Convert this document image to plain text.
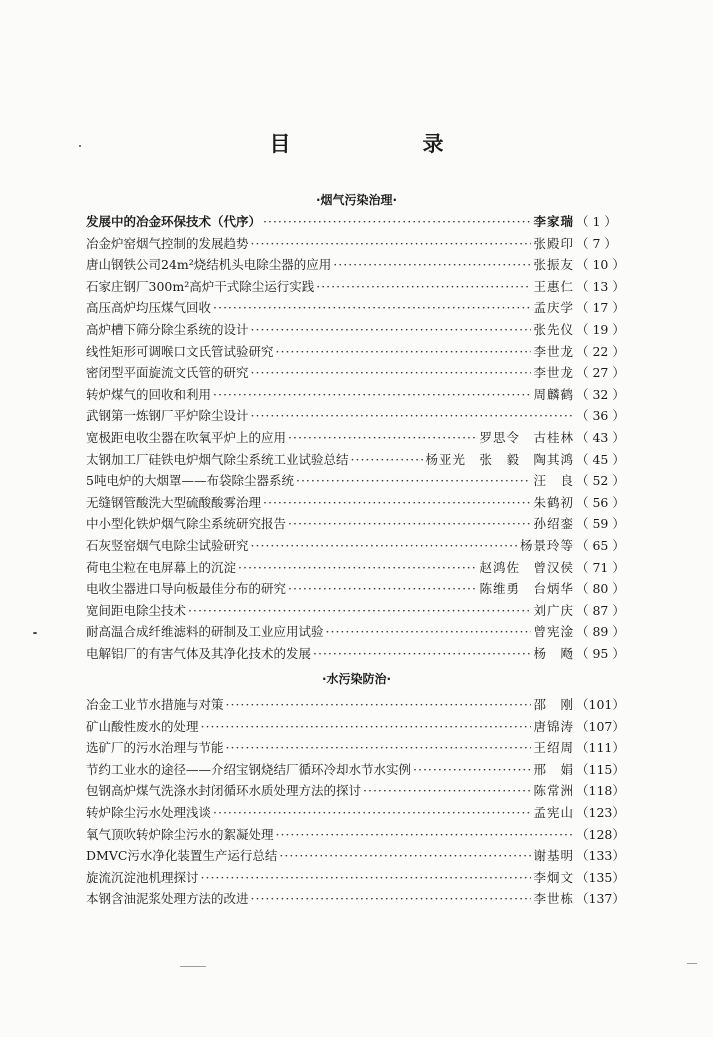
目　　录
·烟气污染治理·
发展中的冶金环保技术（代序） ·····	李家瑞 （ 1 ）
冶金炉窑烟气控制的发展趋势 ·····	张殿印 （ 7 ）
唐山钢铁公司24m²烧结机头电除尘器的应用 ·····	张振友 （ 10 ）
石家庄钢厂300m²高炉干式除尘运行实践 ·····	王惠仁 （ 13 ）
高压高炉均压煤气回收 ·····	孟庆学 （ 17 ）
高炉槽下筛分除尘系统的设计 ·····	张先仪 （ 19 ）
线性矩形可调喉口文氏管试验研究 ·····	李世龙 （ 22 ）
密闭型平面旋流文氏管的研究 ·····	李世龙 （ 27 ）
转炉煤气的回收和利用 ·····	周麟鹤 （ 32 ）
武钢第一炼钢厂平炉除尘设计 ·····	（ 36 ）
宽极距电收尘器在吹氧平炉上的应用 ·····	罗思令　古桂林 （ 43 ）
太钢加工厂硅铁电炉烟气除尘系统工业试验总结 ·····	杨亚光　张　毅　陶其鸿 （ 45 ）
5吨电炉的大烟罩——布袋除尘器系统 ·····	汪　良 （ 52 ）
无缝钢管酸洗大型硫酸酸雾治理 ·····	朱鹤初 （ 56 ）
中小型化铁炉烟气除尘系统研究报告 ·····	孙绍銮 （ 59 ）
石灰竖窑烟气电除尘试验研究 ·····	杨景玲等 （ 65 ）
荷电尘粒在电屏幕上的沉淀 ·····	赵鸿佐　曾汉侯 （ 71 ）
电收尘器进口导向板最佳分布的研究 ·····	陈维勇　台炳华 （ 80 ）
宽间距电除尘技术 ·····	刘广庆 （ 87 ）
耐高温合成纤维滤料的研制及工业应用试验 ·····	曾宪淦 （ 89 ）
电解铝厂的有害气体及其净化技术的发展 ·····	杨　飏 （ 95 ）
·水污染防治·
冶金工业节水措施与对策 ·····	邵　刚 （101）
矿山酸性废水的处理 ·····	唐锦涛 （107）
选矿厂的污水治理与节能 ·····	王绍周 （111）
节约工业水的途径——介绍宝钢烧结厂循环冷却水节水实例 ·····	邢　娟 （115）
包钢高炉煤气洗涤水封闭循环水质处理方法的探讨 ·····	陈常洲 （118）
转炉除尘污水处理浅谈 ·····	孟宪山 （123）
氧气顶吹转炉除尘污水的絮凝处理 ·····	（128）
DMVC污水净化装置生产运行总结 ·····	谢基明 （133）
旋流沉淀池机理探讨 ·····	李炯文 （135）
本钢含油泥浆处理方法的改进 ·····	李世栋 （137）
